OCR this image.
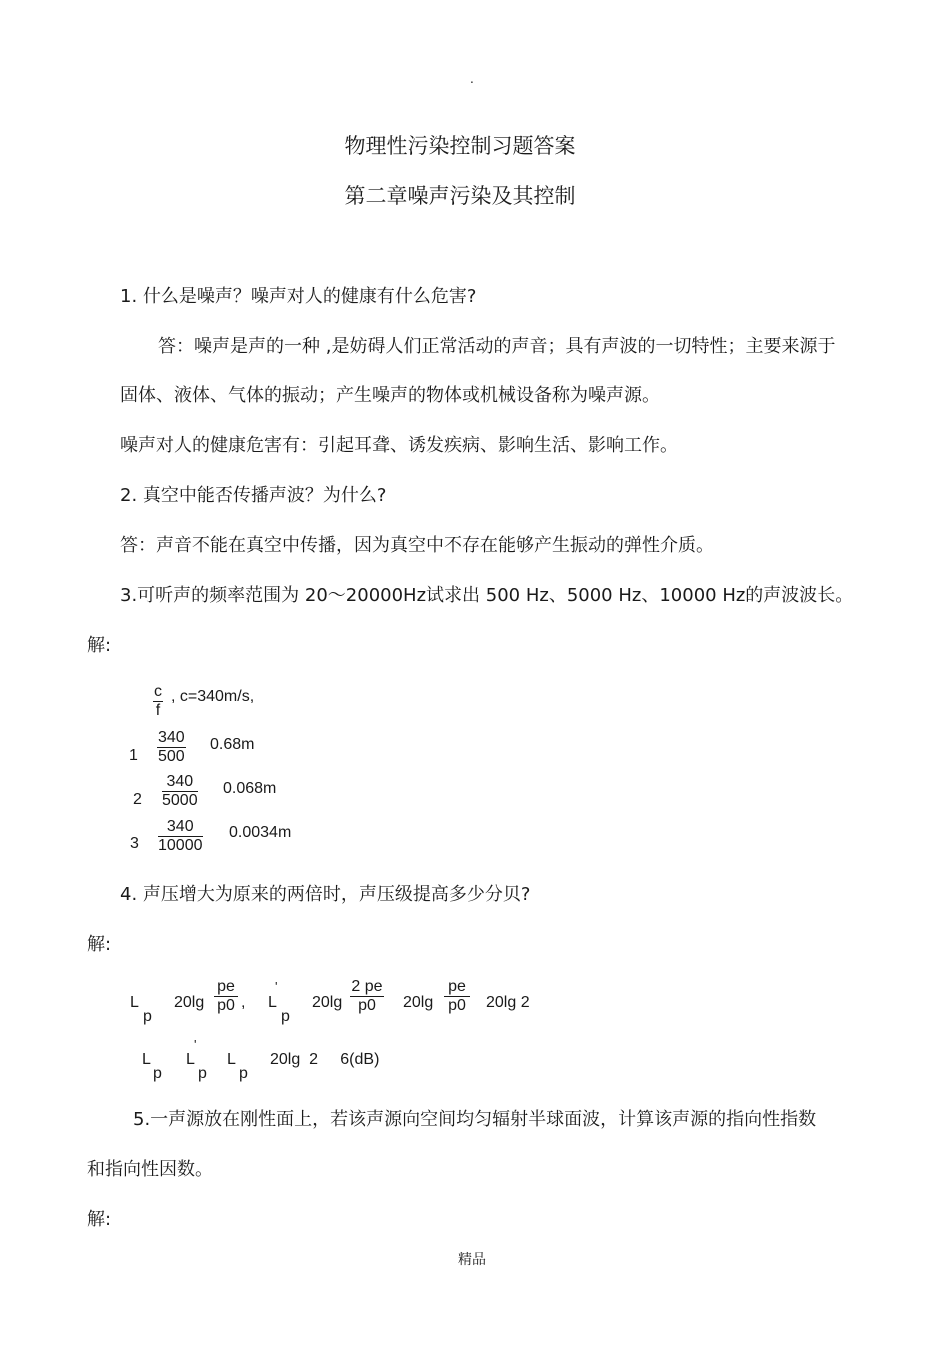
.
物理性污染控制习题答案
第二章噪声污染及其控制
1. 什么是噪声？噪声对人的健康有什么危害?
答：噪声是声的一种 ,是妨碍人们正常活动的声音；具有声波的一切特性；主要来源于
固体、液体、气体的振动；产生噪声的物体或机械设备称为噪声源。
噪声对人的健康危害有：引起耳聋、诱发疾病、影响生活、影响工作。
2. 真空中能否传播声波？为什么?
答：声音不能在真空中传播，因为真空中不存在能够产生振动的弹性介质。
3.可听声的频率范围为 20～20000Hz试求出 500 Hz、5000 Hz、10000 Hz的声波波长。
解:
$\frac{c}{f}$ , c=340m/s,
$1 \frac{340}{500} 0.68m$
$2 \frac{340}{5000} 0.068m$
$3 \frac{340}{10000} 0.0034m$
4. 声压增大为原来的两倍时，声压级提高多少分贝?
解:
L
p
$20\lg \frac{pe}{p0}$ , L
'
p
$20\lg \frac{2 pe}{p0} 20\lg \frac{pe}{p0} 20\lg$ 2
L
p
L
'
p
L
p
20lg  2     6(dB)
5.一声源放在刚性面上，若该声源向空间均匀辐射半球面波，计算该声源的指向性指数
和指向性因数。
解:
精品
